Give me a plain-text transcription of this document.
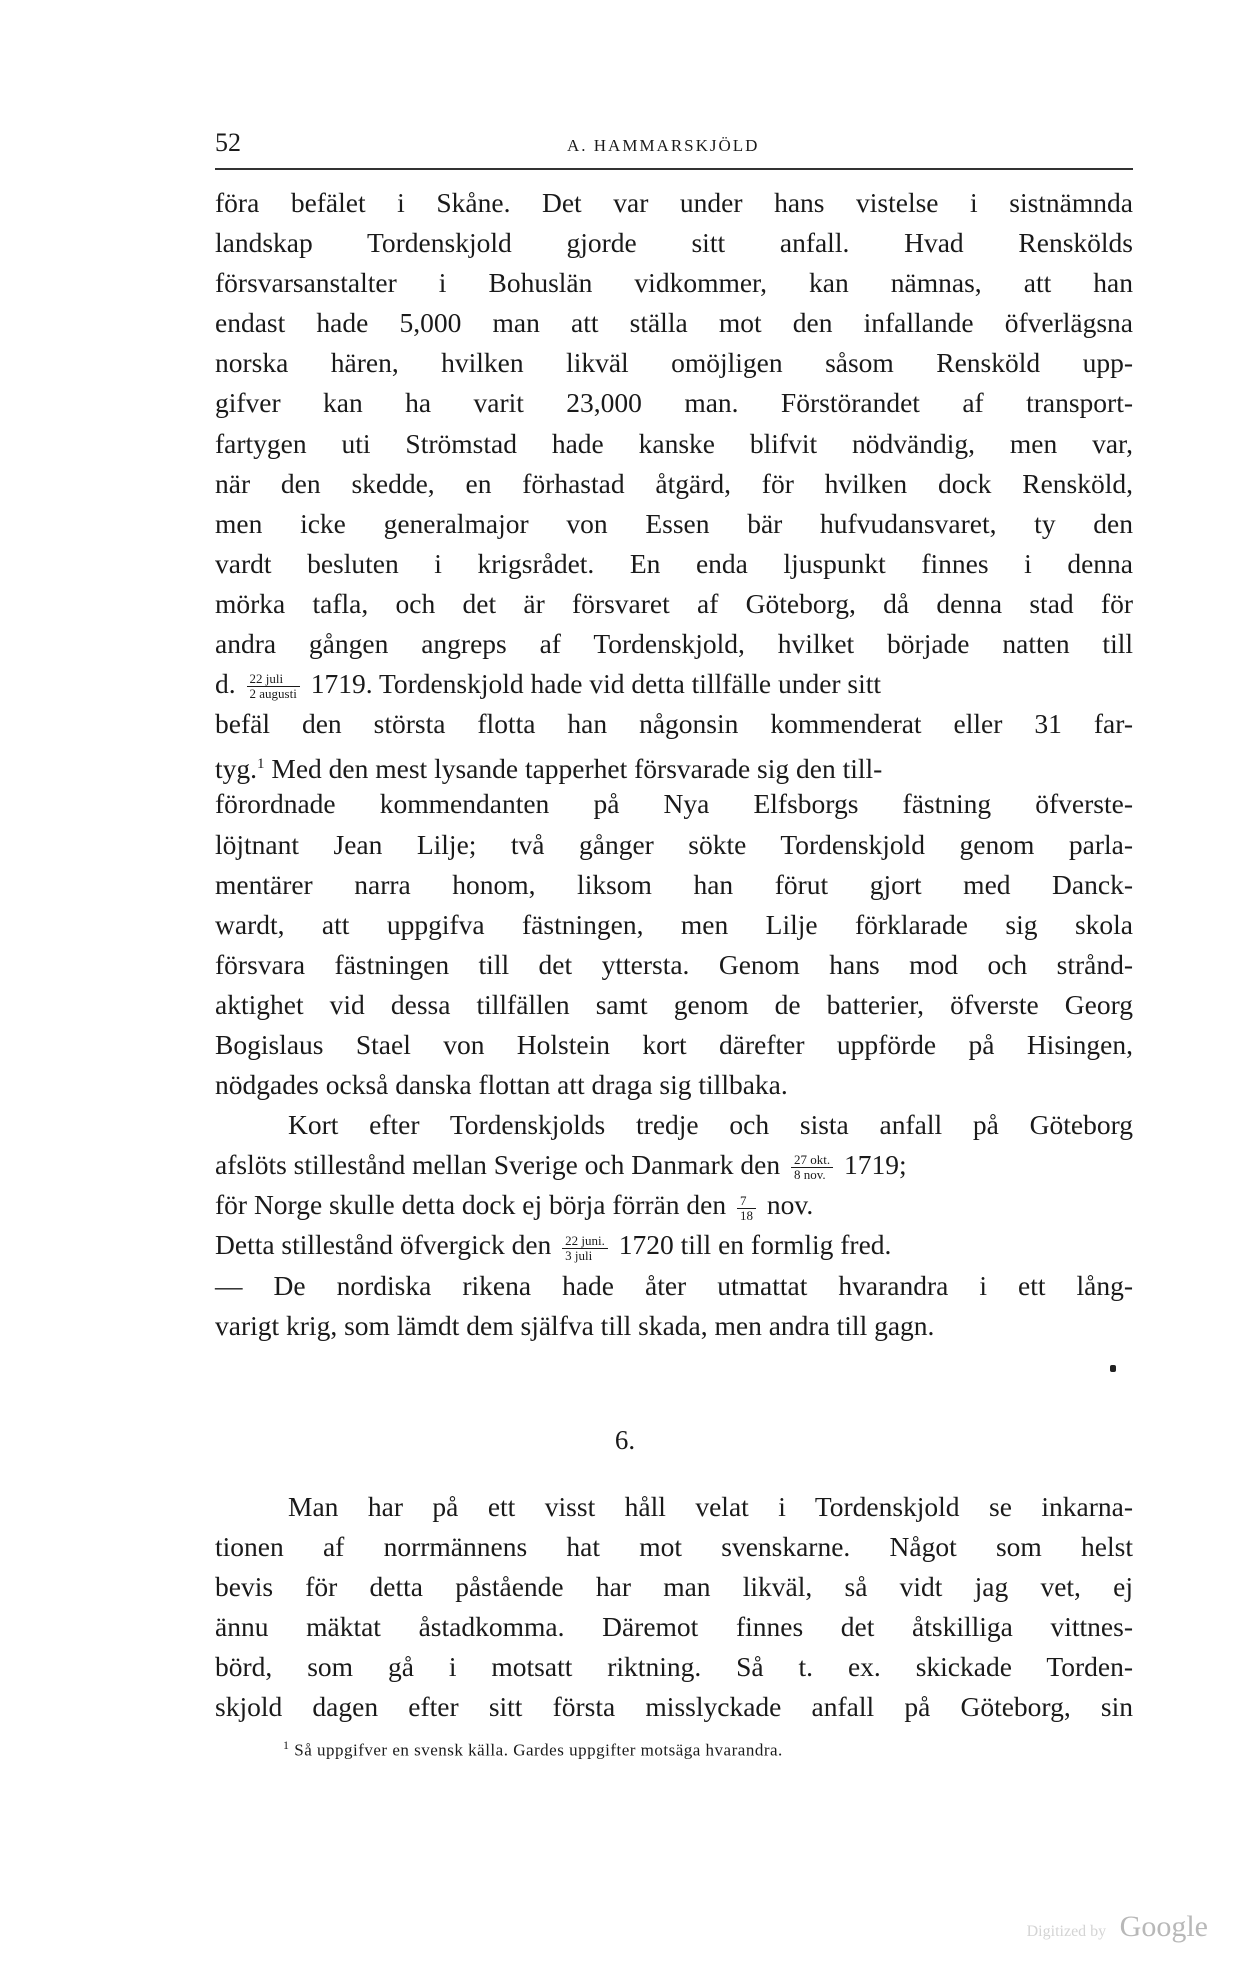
52	A. HAMMARSKJÖLD
föra befälet i Skåne. Det var under hans vistelse i sistnämnda
landskap Tordenskjold gjorde sitt anfall. Hvad Renskölds
försvarsanstalter i Bohuslän vidkommer, kan nämnas, att han
endast hade 5,000 man att ställa mot den infallande öfverlägsna
norska hären, hvilken likväl omöjligen såsom Rensköld upp-
gifver kan ha varit 23,000 man. Förstörandet af transport-
fartygen uti Strömstad hade kanske blifvit nödvändig, men var,
när den skedde, en förhastad åtgärd, för hvilken dock Rensköld,
men icke generalmajor von Essen bär hufvudansvaret, ty den
vardt besluten i krigsrådet. En enda ljuspunkt finnes i denna
mörka tafla, och det är försvaret af Göteborg, då denna stad för
andra gången angreps af Tordenskjold, hvilket började natten till
d. $\frac{\text{22 juli}}{\text{2 augusti}} 1719$. Tordenskjold hade vid detta tillfälle under sitt
befäl den största flotta han någonsin kommenderat eller 31 far-
tyg.$^1$ Med den mest lysande tapperhet försvarade sig den till-
förordnade kommendanten på Nya Elfsborgs fästning öfverste-
löjtnant Jean Lilje; två gånger sökte Tordenskjold genom parla-
mentärer narra honom, liksom han förut gjort med Danck-
wardt, att uppgifva fästningen, men Lilje förklarade sig skola
försvara fästningen till det yttersta. Genom hans mod och strånd-
aktighet vid dessa tillfällen samt genom de batterier, öfverste Georg
Bogislaus Stael von Holstein kort därefter uppförde på Hisingen,
nödgades också danska flottan att draga sig tillbaka.
Kort efter Tordenskjolds tredje och sista anfall på Göteborg
afslöts stillestånd mellan Sverige och Danmark den $\frac{\text{27 okt.}}{\text{8 nov.}} 1719$;
för Norge skulle detta dock ej börja förrän den $\frac{7}{18}$ nov.
Detta stillestånd öfvergick den $\frac{\text{22 juni.}}{\text{3 juli}} 1720$ till en formlig fred.
— De nordiska rikena hade åter utmattat hvarandra i ett lång-
varigt krig, som lämdt dem själfva till skada, men andra till gagn.
6.
Man har på ett visst håll velat i Tordenskjold se inkarna-
tionen af norrmännens hat mot svenskarne. Något som helst
bevis för detta påstående har man likväl, så vidt jag vet, ej
ännu mäktat åstadkomma. Däremot finnes det åtskilliga vittnes-
börd, som gå i motsatt riktning. Så t. ex. skickade Torden-
skjold dagen efter sitt första misslyckade anfall på Göteborg, sin
$^1$ Så uppgifver en svensk källa. Gardes uppgifter motsäga hvarandra.
Digitized by Google
